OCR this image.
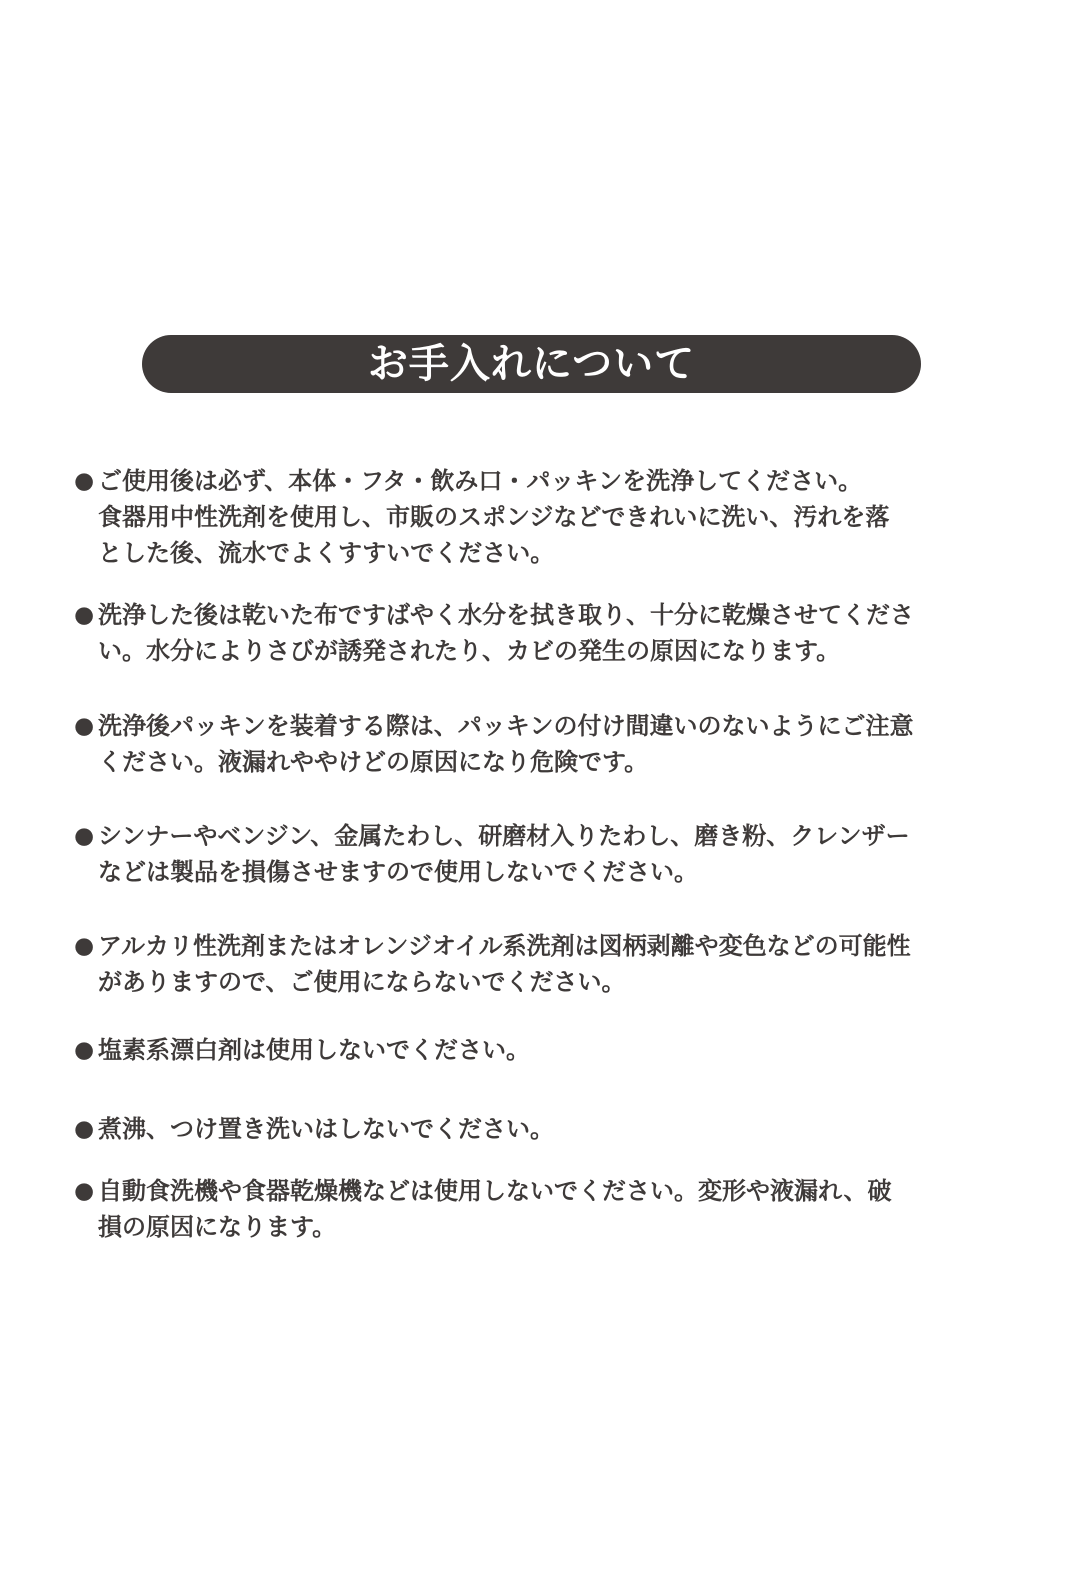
お手入れについて
● ご使用後は必ず、本体・フタ・飲み口・パッキンを洗浄してください。
食器用中性洗剤を使用し、市販のスポンジなどできれいに洗い、汚れを落
とした後、流水でよくすすいでください。
● 洗浄した後は乾いた布ですばやく水分を拭き取り、十分に乾燥させてくださ
い。水分によりさびが誘発されたり、カビの発生の原因になります。
● 洗浄後パッキンを装着する際は、パッキンの付け間違いのないようにご注意
ください。液漏れややけどの原因になり危険です。
● シンナーやベンジン、金属たわし、研磨材入りたわし、磨き粉、クレンザー
などは製品を損傷させますので使用しないでください。
● アルカリ性洗剤またはオレンジオイル系洗剤は図柄剥離や変色などの可能性
がありますので、ご使用にならないでください。
● 塩素系漂白剤は使用しないでください。
● 煮沸、つけ置き洗いはしないでください。
● 自動食洗機や食器乾燥機などは使用しないでください。変形や液漏れ、破
損の原因になります。
